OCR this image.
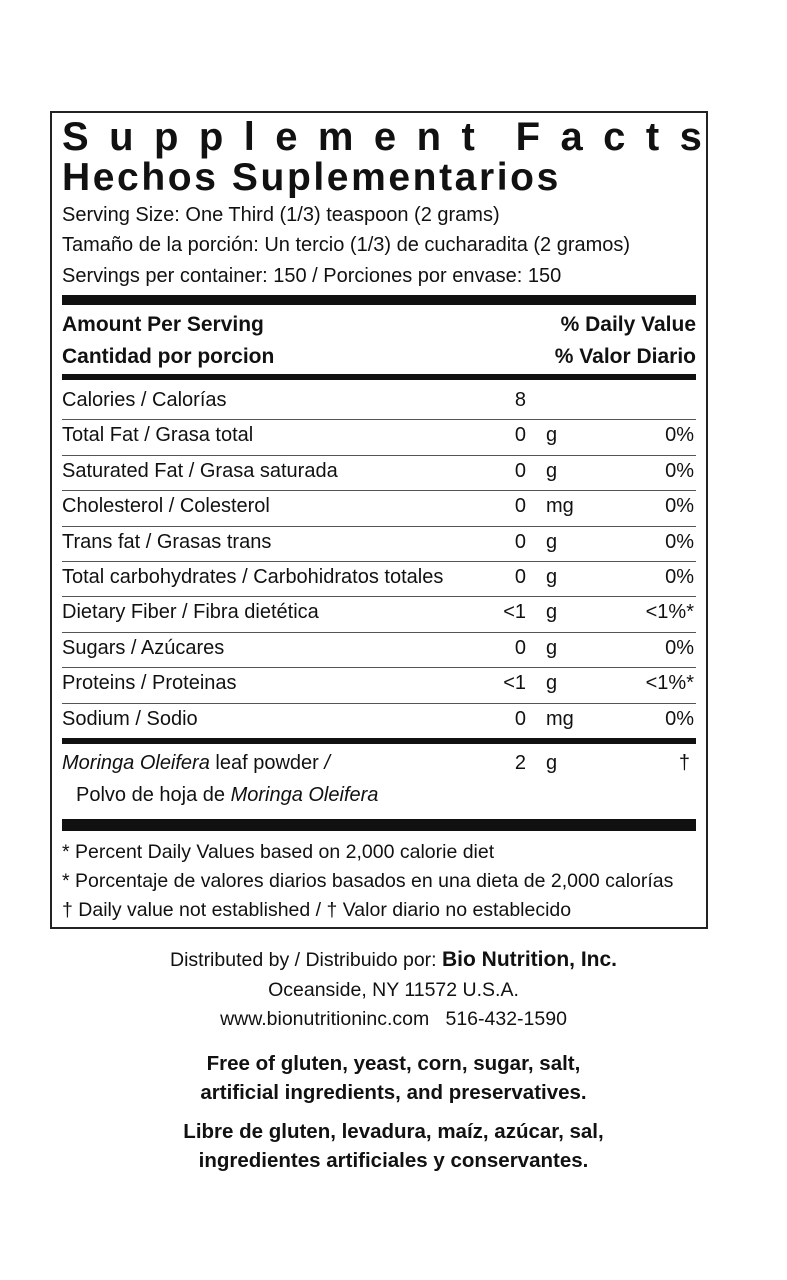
S u p p l e m e n t F a c t s
Hechos Suplementarios
Serving Size: One Third (1/3) teaspoon (2 grams)
Tamaño de la porción: Un tercio (1/3) de cucharadita (2 gramos)
Servings per container: 150 / Porciones por envase: 150
Amount Per Serving	% Daily Value
Cantidad por porcion	% Valor Diario
Calories / Calorías	8
Total Fat / Grasa total	0 g	0%
Saturated Fat / Grasa saturada	0 g	0%
Cholesterol / Colesterol	0 mg	0%
Trans fat / Grasas trans	0 g	0%
Total carbohydrates / Carbohidratos totales	0 g	0%
Dietary Fiber / Fibra dietética	<1 g	<1%*
Sugars / Azúcares	0 g	0%
Proteins / Proteinas	<1 g	<1%*
Sodium / Sodio	0 mg	0%
Moringa Oleifera leaf powder /
Polvo de hoja de Moringa Oleifera
2 g	†
* Percent Daily Values based on 2,000 calorie diet
* Porcentaje de valores diarios basados en una dieta de 2,000 calorías
† Daily value not established / † Valor diario no establecido
Distributed by / Distribuido por: Bio Nutrition, Inc.
Oceanside, NY 11572 U.S.A.
www.bionutritioninc.com   516-432-1590
Free of gluten, yeast, corn, sugar, salt,
artificial ingredients, and preservatives.
Libre de gluten, levadura, maíz, azúcar, sal,
ingredientes artificiales y conservantes.
